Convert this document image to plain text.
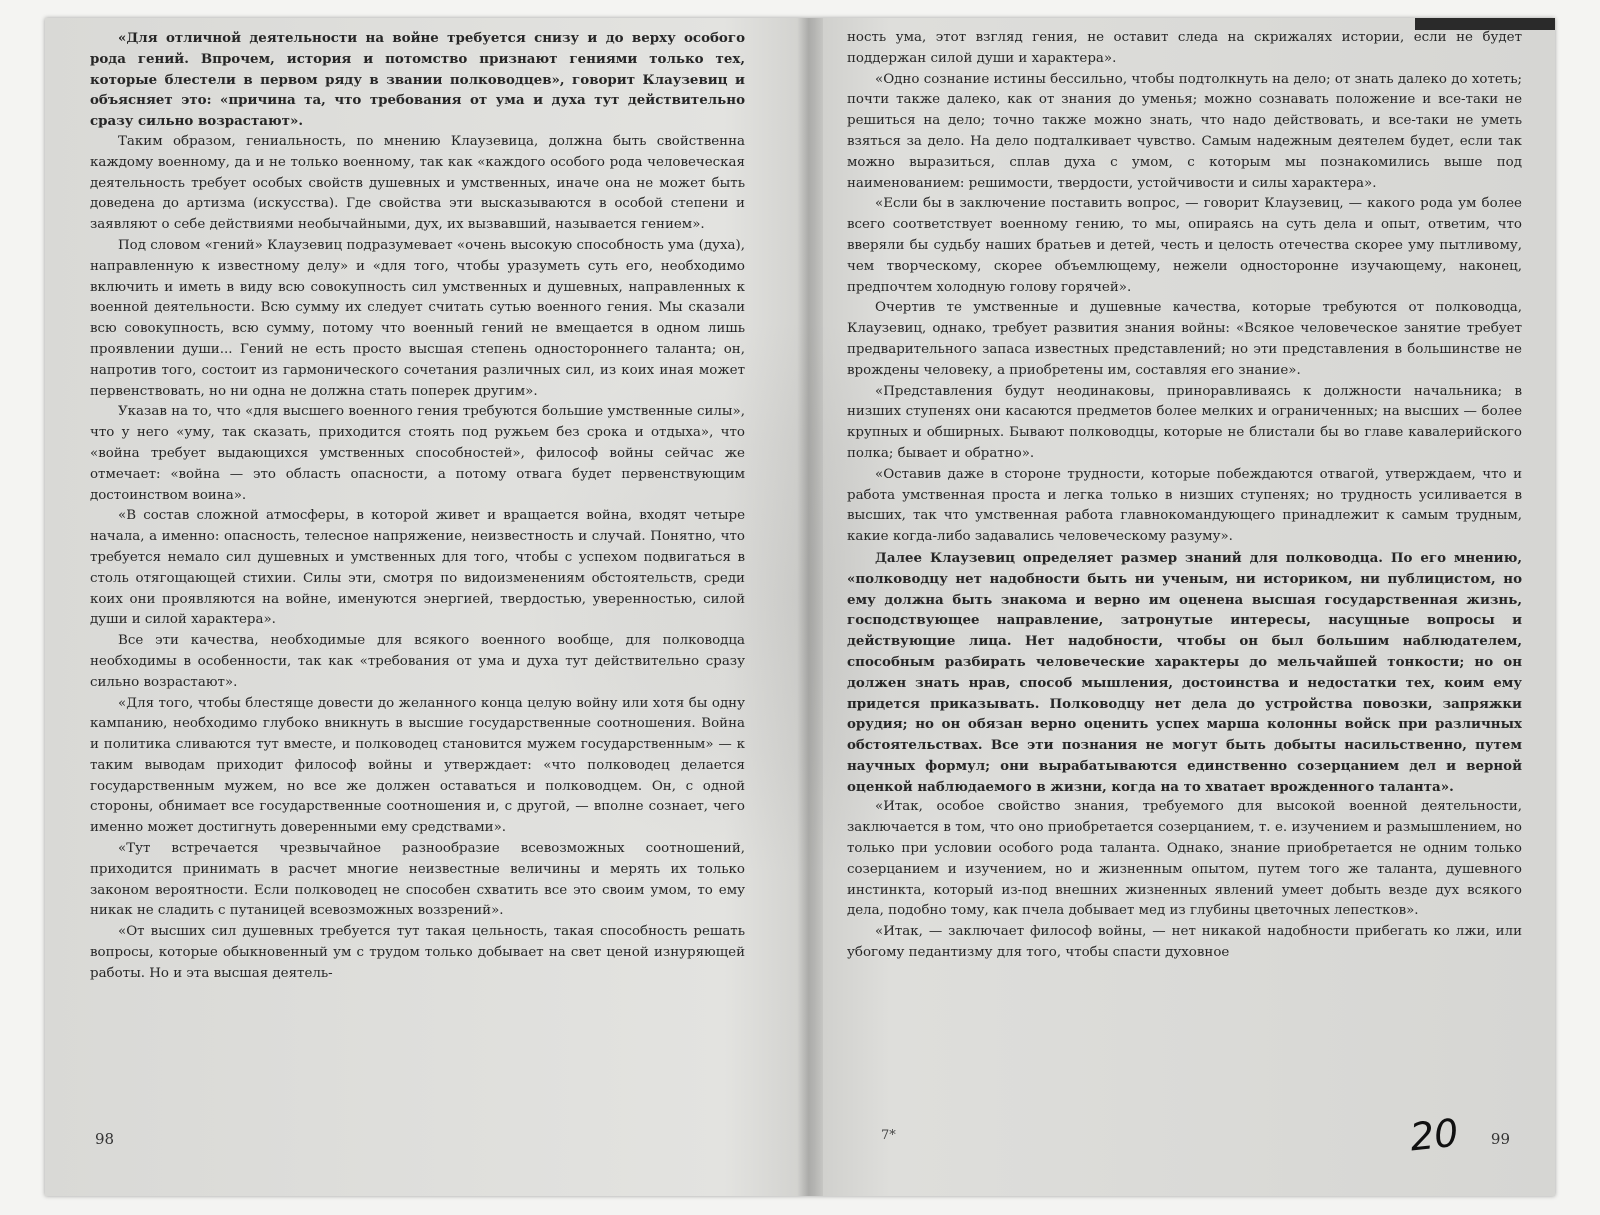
«Для отличной деятельности на войне требуется снизу и до верху особого рода гений. Впрочем, история и потомство признают гениями только тех, которые блестели в первом ряду в звании полководцев», говорит Клаузевиц и объясняет это: «причина та, что требования от ума и духа тут действительно сразу сильно возрастают».

Таким образом, гениальность, по мнению Клаузевица, должна быть свойственна каждому военному, да и не только военному, так как «каждого особого рода человеческая деятельность требует особых свойств душевных и умственных, иначе она не может быть доведена до артизма (искусства). Где свойства эти высказываются в особой степени и заявляют о себе действиями необычайными, дух, их вызвавший, называется гением».

Под словом «гений» Клаузевиц подразумевает «очень высокую способность ума (духа), направленную к известному делу» и «для того, чтобы уразуметь суть его, необходимо включить и иметь в виду всю совокупность сил умственных и душевных, направленных к военной деятельности. Всю сумму их следует считать сутью военного гения. Мы сказали всю совокупность, всю сумму, потому что военный гений не вмещается в одном лишь проявлении души... Гений не есть просто высшая степень одностороннего таланта; он, напротив того, состоит из гармонического сочетания различных сил, из коих иная может первенствовать, но ни одна не должна стать поперек другим».

Указав на то, что «для высшего военного гения требуются большие умственные силы», что у него «уму, так сказать, приходится стоять под ружьем без срока и отдыха», что «война требует выдающихся умственных способностей», философ войны сейчас же отмечает: «война — это область опасности, а потому отвага будет первенствующим достоинством воина».

«В состав сложной атмосферы, в которой живет и вращается война, входят четыре начала, а именно: опасность, телесное напряжение, неизвестность и случай. Понятно, что требуется немало сил душевных и умственных для того, чтобы с успехом подвигаться в столь отягощающей стихии. Силы эти, смотря по видоизменениям обстоятельств, среди коих они проявляются на войне, именуются энергией, твердостью, уверенностью, силой души и силой характера».

Все эти качества, необходимые для всякого военного вообще, для полководца необходимы в особенности, так как «требования от ума и духа тут действительно сразу сильно возрастают».

«Для того, чтобы блестяще довести до желанного конца целую войну или хотя бы одну кампанию, необходимо глубоко вникнуть в высшие государственные соотношения. Война и политика сливаются тут вместе, и полководец становится мужем государственным» — к таким выводам приходит философ войны и утверждает: «что полководец делается государственным мужем, но все же должен оставаться и полководцем. Он, с одной стороны, обнимает все государственные соотношения и, с другой, — вполне сознает, чего именно может достигнуть доверенными ему средствами».

«Тут встречается чрезвычайное разнообразие всевозможных соотношений, приходится принимать в расчет многие неизвестные величины и мерять их только законом вероятности. Если полководец не способен схватить все это своим умом, то ему никак не сладить с путаницей всевозможных воззрений».

«От высших сил душевных требуется тут такая цельность, такая способность решать вопросы, которые обыкновенный ум с трудом только добывает на свет ценой изнуряющей работы. Но и эта высшая деятель-

ность ума, этот взгляд гения, не оставит следа на скрижалях истории, если не будет поддержан силой души и характера».

«Одно сознание истины бессильно, чтобы подтолкнуть на дело; от знать далеко до хотеть; почти также далеко, как от знания до уменья; можно сознавать положение и все-таки не решиться на дело; точно также можно знать, что надо действовать, и все-таки не уметь взяться за дело. На дело подталкивает чувство. Самым надежным деятелем будет, если так можно выразиться, сплав духа с умом, с которым мы познакомились выше под наименованием: решимости, твердости, устойчивости и силы характера».

«Если бы в заключение поставить вопрос, — говорит Клаузевиц, — какого рода ум более всего соответствует военному гению, то мы, опираясь на суть дела и опыт, ответим, что вверяли бы судьбу наших братьев и детей, честь и целость отечества скорее уму пытливому, чем творческому, скорее объемлющему, нежели одностороннe изучающему, наконец, предпочтем холодную голову горячей».

Очертив те умственные и душевные качества, которые требуются от полководца, Клаузевиц, однако, требует развития знания войны: «Всякое человеческое занятие требует предварительного запаса известных представлений; но эти представления в большинстве не врождены человеку, а приобретены им, составляя его знание».

«Представления будут неодинаковы, приноравливаясь к должности начальника; в низших ступенях они касаются предметов более мелких и ограниченных; на высших — более крупных и обширных. Бывают полководцы, которые не блистали бы во главе кавалерийского полка; бывает и обратно».

«Оставив даже в стороне трудности, которые побеждаются отвагой, утверждаем, что и работа умственная проста и легка только в низших ступенях; но трудность усиливается в высших, так что умственная работа главнокомандующего принадлежит к самым трудным, какие когда-либо задавались человеческому разуму».

Далее Клаузевиц определяет размер знаний для полководца. По его мнению, «полководцу нет надобности быть ни ученым, ни историком, ни публицистом, но ему должна быть знакома и верно им оценена высшая государственная жизнь, господствующее направление, затронутые интересы, насущные вопросы и действующие лица. Нет надобности, чтобы он был большим наблюдателем, способным разбирать человеческие характеры до мельчайшей тонкости; но он должен знать нрав, способ мышления, достоинства и недостатки тех, коим ему придется приказывать. Полководцу нет дела до устройства повозки, запряжки орудия; но он обязан верно оценить успех марша колонны войск при различных обстоятельствах. Все эти познания не могут быть добыты насильственно, путем научных формул; они вырабатываются единственно созерцанием дел и верной оценкой наблюдаемого в жизни, когда на то хватает врожденного таланта».

«Итак, особое свойство знания, требуемого для высокой военной деятельности, заключается в том, что оно приобретается созерцанием, т. е. изучением и размышлением, но только при условии особого рода таланта. Однако, знание приобретается не одним только созерцанием и изучением, но и жизненным опытом, путем того же таланта, душевного инстинкта, который из-под внешних жизненных явлений умеет добыть везде дух всякого дела, подобно тому, как пчела добывает мед из глубины цветочных лепестков».

«Итак, — заключает философ войны, — нет никакой надобности прибегать ко лжи, или убогому педантизму для того, чтобы спасти духовное

98	7*	20 99
